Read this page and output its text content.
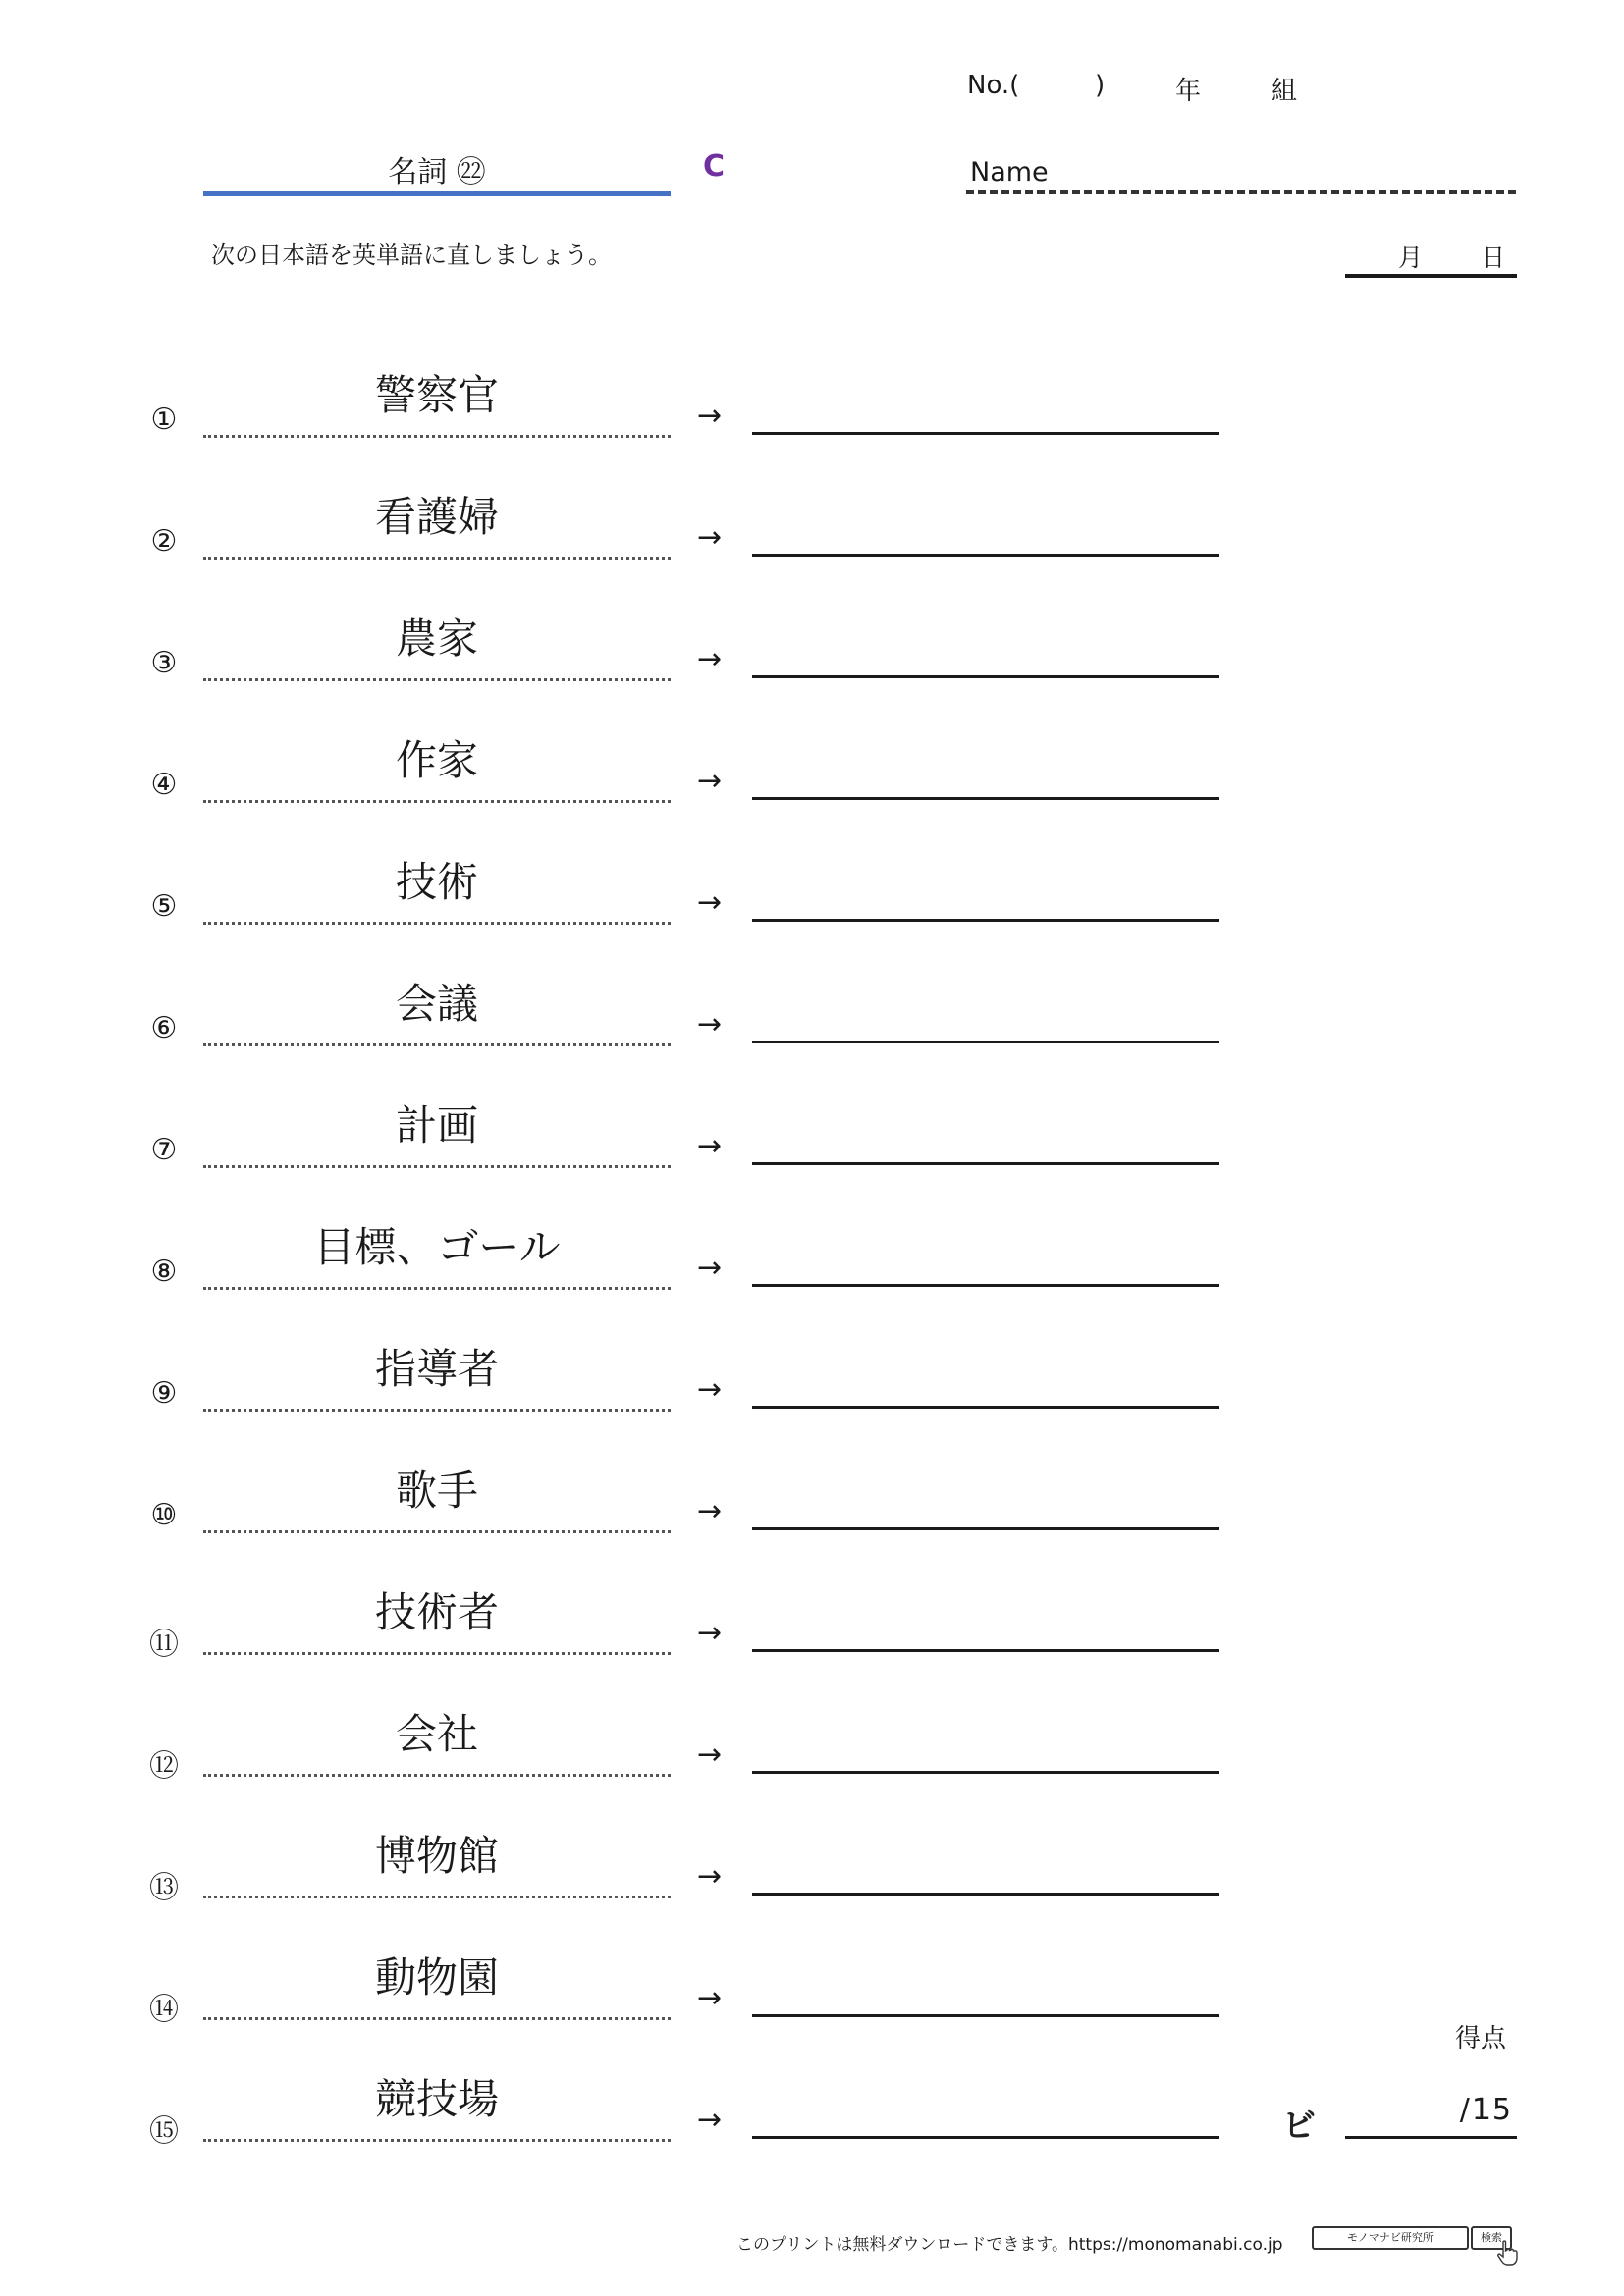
No.(	)	年	組
名詞 ㉒	C	Name
次の日本語を英単語に直しましょう。	月 日
①
警察官	→
②
看護婦	→
③
農家	→
④
作家	→
⑤
技術	→
⑥
会議	→
⑦
計画	→
⑧
目標、ゴール	→
⑨
指導者	→
⑩
歌手	→
⑪
技術者	→
⑫
会社	→
⑬
博物館	→
⑭
動物園	→
⑮
競技場	→
得点
ビ	/15
このプリントは無料ダウンロードできます。https://monomanabi.co.jp	モノマナビ研究所	検索
